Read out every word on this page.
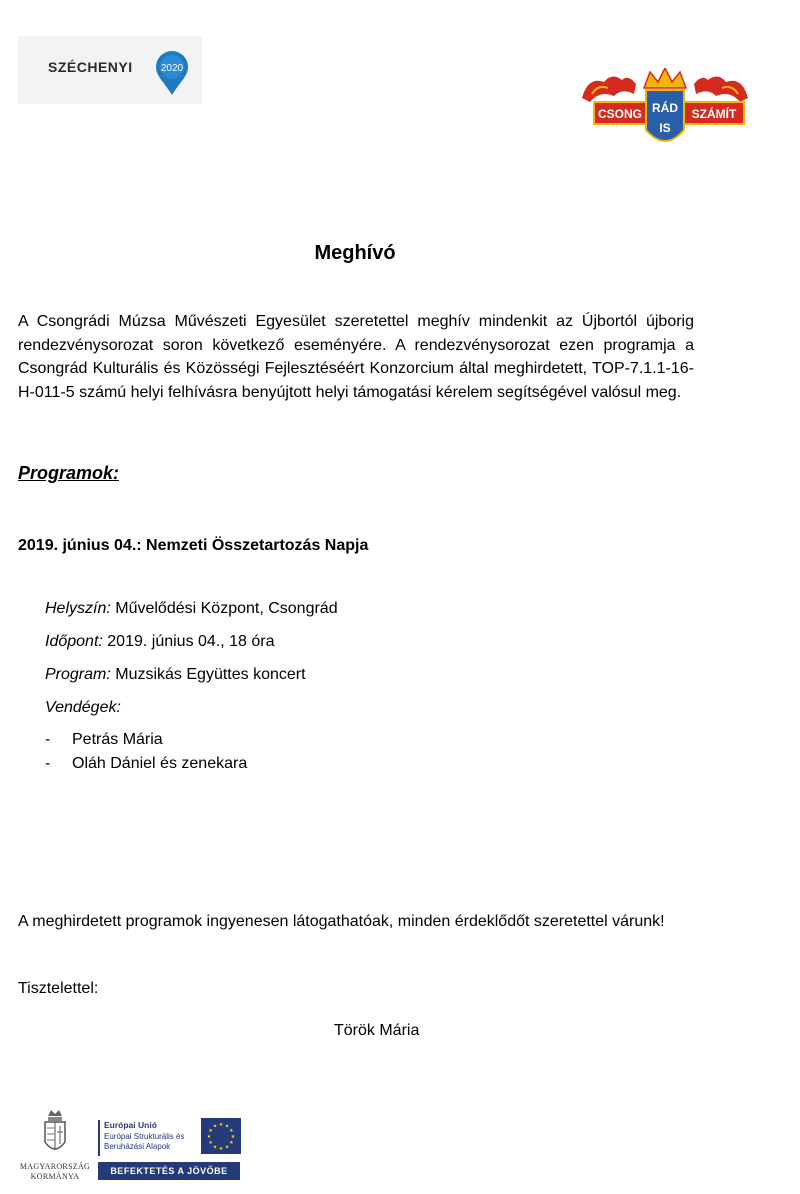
SZÉCHENYI	2020
CSONG RÁD
IS
SZÁMÍT
Meghívó
A Csongrádi Múzsa Művészeti Egyesület szeretettel meghív mindenkit az Újbortól újborig rendezvénysorozat soron következő eseményére. A rendezvénysorozat ezen programja a Csongrád Kulturális és Közösségi Fejlesztéséért Konzorcium által meghirdetett, TOP-7.1.1-16-H-011-5 számú helyi felhívásra benyújtott helyi támogatási kérelem segítségével valósul meg.
Programok:
2019. június 04.: Nemzeti Összetartozás Napja
Helyszín: Művelődési Központ, Csongrád
Időpont: 2019. június 04., 18 óra
Program: Muzsikás Együttes koncert
Vendégek:
- Petrás Mária
- Oláh Dániel és zenekara
A meghirdetett programok ingyenesen látogathatóak, minden érdeklődőt szeretettel várunk!
Tisztelettel:
Török Mária
MAGYARORSZÁG
KORMÁNYA
Európai Unió
Európai Strukturális és Beruházási Alapok
★ ★
★
★
★
★
★
★
★
★
★
★
BEFEKTETÉS A JÖVŐBE
